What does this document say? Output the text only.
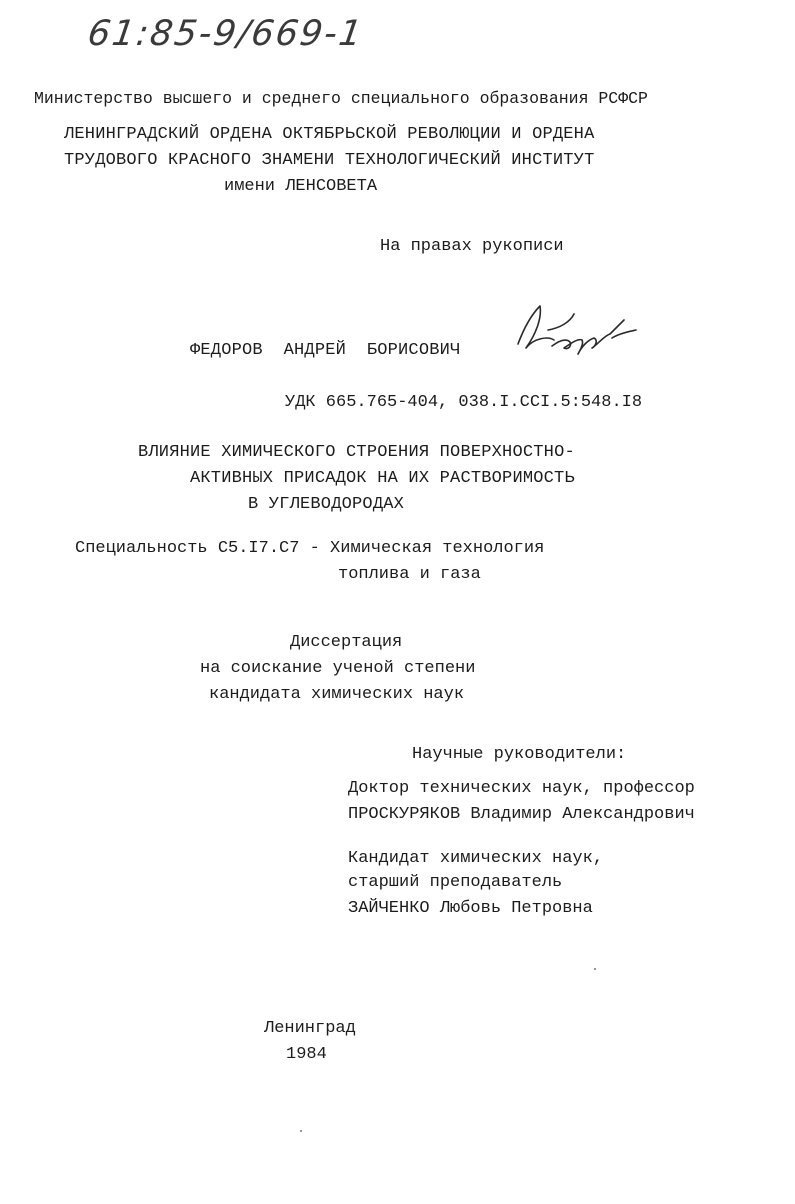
61:85-9/669-1
Министерство высшего и среднего специального образования РСФСР
ЛЕНИНГРАДСКИЙ ОРДЕНА ОКТЯБРЬСКОЙ РЕВОЛЮЦИИ И ОРДЕНА
ТРУДОВОГО КРАСНОГО ЗНАМЕНИ ТЕХНОЛОГИЧЕСКИЙ ИНСТИТУТ
имени ЛЕНСОВЕТА
На правах рукописи
ФЕДОРОВ  АНДРЕЙ  БОРИСОВИЧ
УДК 665.765-404, 038.I.CCI.5:548.I8
ВЛИЯНИЕ ХИМИЧЕСКОГО СТРОЕНИЯ ПОВЕРХНОСТНО-
АКТИВНЫХ ПРИСАДОК НА ИХ РАСТВОРИМОСТЬ
В УГЛЕВОДОРОДАХ
Специальность С5.I7.С7 - Химическая технология
топлива и газа
Диссертация
на соискание ученой степени
кандидата химических наук
Научные руководители:
Доктор технических наук, профессор
ПРОСКУРЯКОВ Владимир Александрович
Кандидат химических наук,
старший преподаватель
ЗАЙЧЕНКО Любовь Петровна
Ленинград
1984
